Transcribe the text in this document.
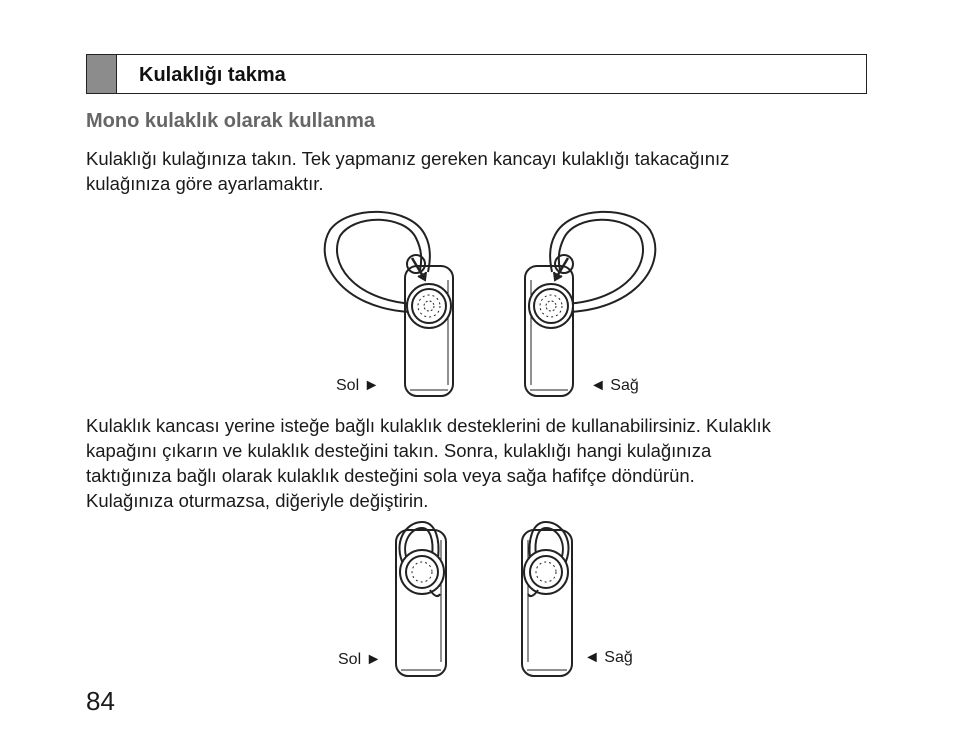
Kulaklığı takma
Mono kulaklık olarak kullanma
Kulaklığı kulağınıza takın. Tek yapmanız gereken kancayı kulaklığı takacağınız
kulağınıza göre ayarlamaktır.
Sol ►	◄ Sağ
Kulaklık kancası yerine isteğe bağlı kulaklık desteklerini de kullanabilirsiniz. Kulaklık
kapağını çıkarın ve kulaklık desteğini takın. Sonra, kulaklığı hangi kulağınıza
taktığınıza bağlı olarak kulaklık desteğini sola veya sağa hafifçe döndürün.
Kulağınıza oturmazsa, diğeriyle değiştirin.
Sol ►	◄ Sağ
84
